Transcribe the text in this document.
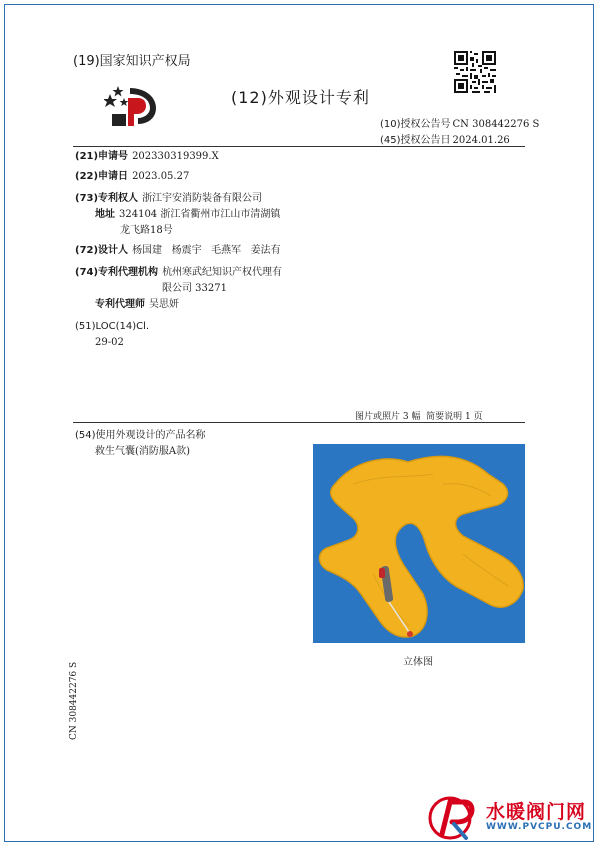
(19)国家知识产权局
(12)外观设计专利
(10)授权公告号 CN 308442276 S
(45)授权公告日 2024.01.26
(21)申请号 202330319399.X
(22)申请日 2023.05.27
(73)专利权人 浙江宇安消防装备有限公司
地址 324104 浙江省衢州市江山市清湖镇
龙飞路18号
(72)设计人 杨国建   杨震宇   毛燕军   姜法有
(74)专利代理机构 杭州寒武纪知识产权代理有
限公司 33271
专利代理师 吴思妍
(51)LOC(14)Cl.
29-02
图片或照片 3 幅  简要说明 1 页
(54)使用外观设计的产品名称
救生气囊(消防服A款)
立体图
CN 308442276 S
水暖阀门网
WWW.PVCPU.COM
